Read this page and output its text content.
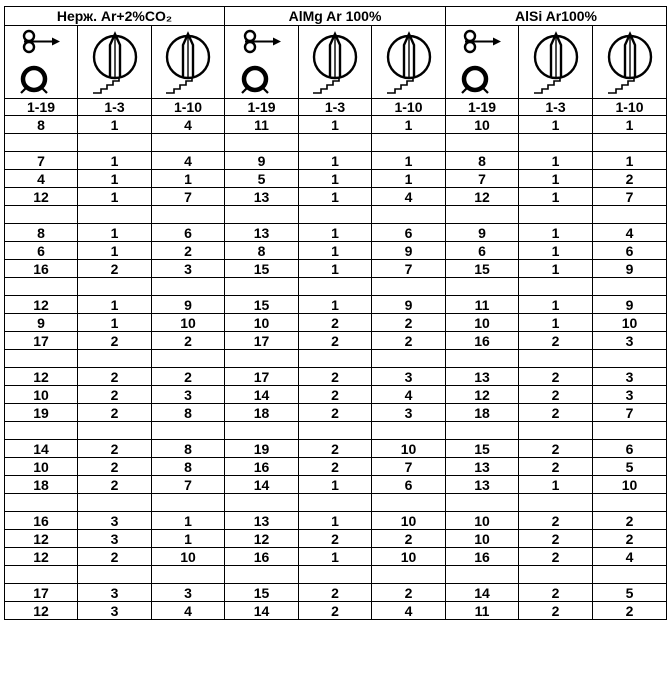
Нерж. Ar+2%CO₂			AlMg Ar 100%			AlSi Ar100%		

1-19	1-3	1-10	1-19	1-3	1-10	1-19	1-3	1-10
8	1	4	11	1	1	10	1	1

7	1	4	9	1	1	8	1	1
4	1	1	5	1	1	7	1	2
12	1	7	13	1	4	12	1	7

8	1	6	13	1	6	9	1	4
6	1	2	8	1	9	6	1	6
16	2	3	15	1	7	15	1	9

12	1	9	15	1	9	11	1	9
9	1	10	10	2	2	10	1	10
17	2	2	17	2	2	16	2	3

12	2	2	17	2	3	13	2	3
10	2	3	14	2	4	12	2	3
19	2	8	18	2	3	18	2	7

14	2	8	19	2	10	15	2	6
10	2	8	16	2	7	13	2	5
18	2	7	14	1	6	13	1	10

16	3	1	13	1	10	10	2	2
12	3	1	12	2	2	10	2	2
12	2	10	16	1	10	16	2	4

17	3	3	15	2	2	14	2	5
12	3	4	14	2	4	11	2	2
